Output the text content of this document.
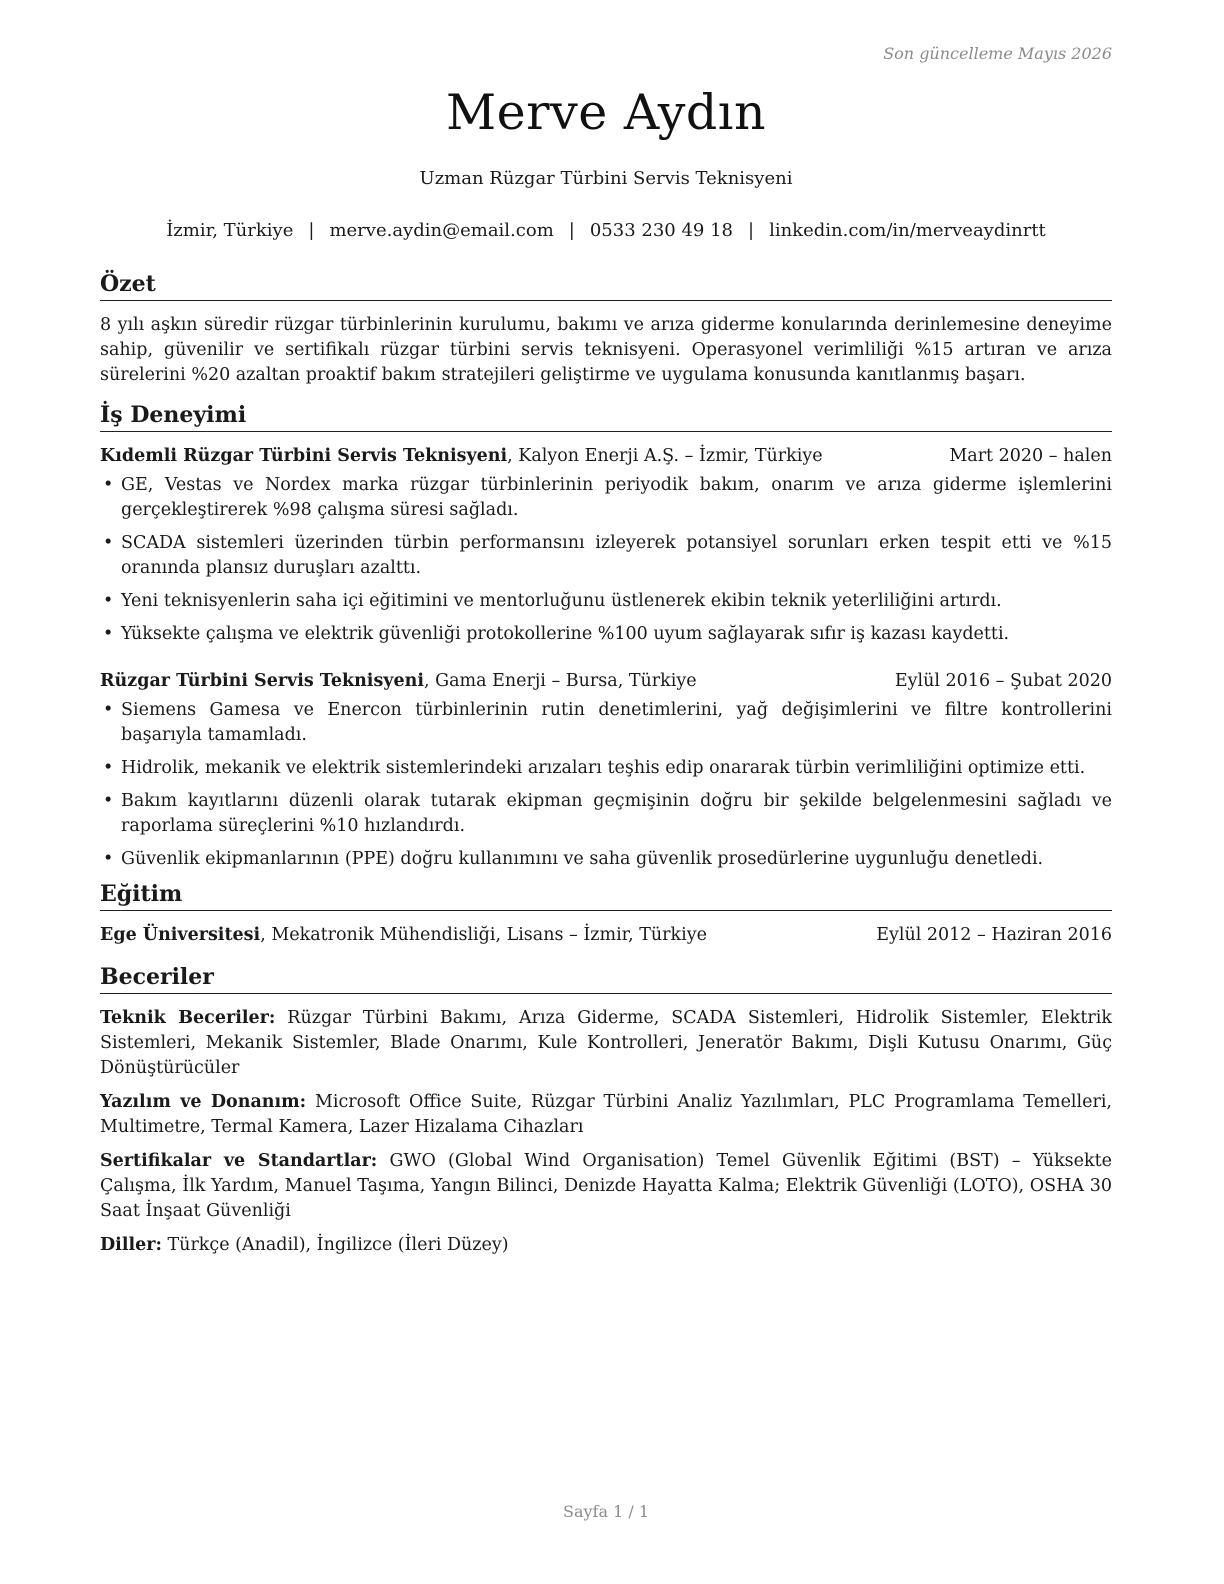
Son güncelleme Mayıs 2026
Merve Aydın
Uzman Rüzgar Türbini Servis Teknisyeni
İzmir, Türkiye | merve.aydin@email.com | 0533 230 49 18 | linkedin.com/in/merveaydinrtt
Özet

8 yılı aşkın süredir rüzgar türbinlerinin kurulumu, bakımı ve arıza giderme konularında derinlemesine deneyime sahip, güvenilir ve sertifikalı rüzgar türbini servis teknisyeni. Operasyonel verimliliği %15 artıran ve arıza sürelerini %20 azaltan proaktif bakım stratejileri geliştirme ve uygulama konusunda kanıtlanmış başarı.

İş Deneyimi
Kıdemli Rüzgar Türbini Servis Teknisyeni, Kalyon Enerji A.Ş. – İzmir, Türkiye	Mart 2020 – halen
• GE, Vestas ve Nordex marka rüzgar türbinlerinin periyodik bakım, onarım ve arıza giderme işlemlerini gerçekleştirerek %98 çalışma süresi sağladı.
• SCADA sistemleri üzerinden türbin performansını izleyerek potansiyel sorunları erken tespit etti ve %15 oranında plansız duruşları azalttı.
• Yeni teknisyenlerin saha içi eğitimini ve mentorluğunu üstlenerek ekibin teknik yeterliliğini artırdı.
• Yüksekte çalışma ve elektrik güvenliği protokollerine %100 uyum sağlayarak sıfır iş kazası kaydetti.
Rüzgar Türbini Servis Teknisyeni, Gama Enerji – Bursa, Türkiye	Eylül 2016 – Şubat 2020
• Siemens Gamesa ve Enercon türbinlerinin rutin denetimlerini, yağ değişimlerini ve filtre kontrollerini başarıyla tamamladı.
• Hidrolik, mekanik ve elektrik sistemlerindeki arızaları teşhis edip onararak türbin verimliliğini optimize etti.
• Bakım kayıtlarını düzenli olarak tutarak ekipman geçmişinin doğru bir şekilde belgelenmesini sağladı ve raporlama süreçlerini %10 hızlandırdı.
• Güvenlik ekipmanlarının (PPE) doğru kullanımını ve saha güvenlik prosedürlerine uygunluğu denetledi.
Eğitim
Ege Üniversitesi, Mekatronik Mühendisliği, Lisans – İzmir, Türkiye	Eylül 2012 – Haziran 2016
Beceriler

Teknik Beceriler: Rüzgar Türbini Bakımı, Arıza Giderme, SCADA Sistemleri, Hidrolik Sistemler, Elektrik Sistemleri, Mekanik Sistemler, Blade Onarımı, Kule Kontrolleri, Jeneratör Bakımı, Dişli Kutusu Onarımı, Güç Dönüştürücüler

Yazılım ve Donanım: Microsoft Office Suite, Rüzgar Türbini Analiz Yazılımları, PLC Programlama Temelleri, Multimetre, Termal Kamera, Lazer Hizalama Cihazları

Sertifikalar ve Standartlar: GWO (Global Wind Organisation) Temel Güvenlik Eğitimi (BST) – Yüksekte Çalışma, İlk Yardım, Manuel Taşıma, Yangın Bilinci, Denizde Hayatta Kalma; Elektrik Güvenliği (LOTO), OSHA 30 Saat İnşaat Güvenliği

Diller: Türkçe (Anadil), İngilizce (İleri Düzey)

Sayfa 1 / 1
